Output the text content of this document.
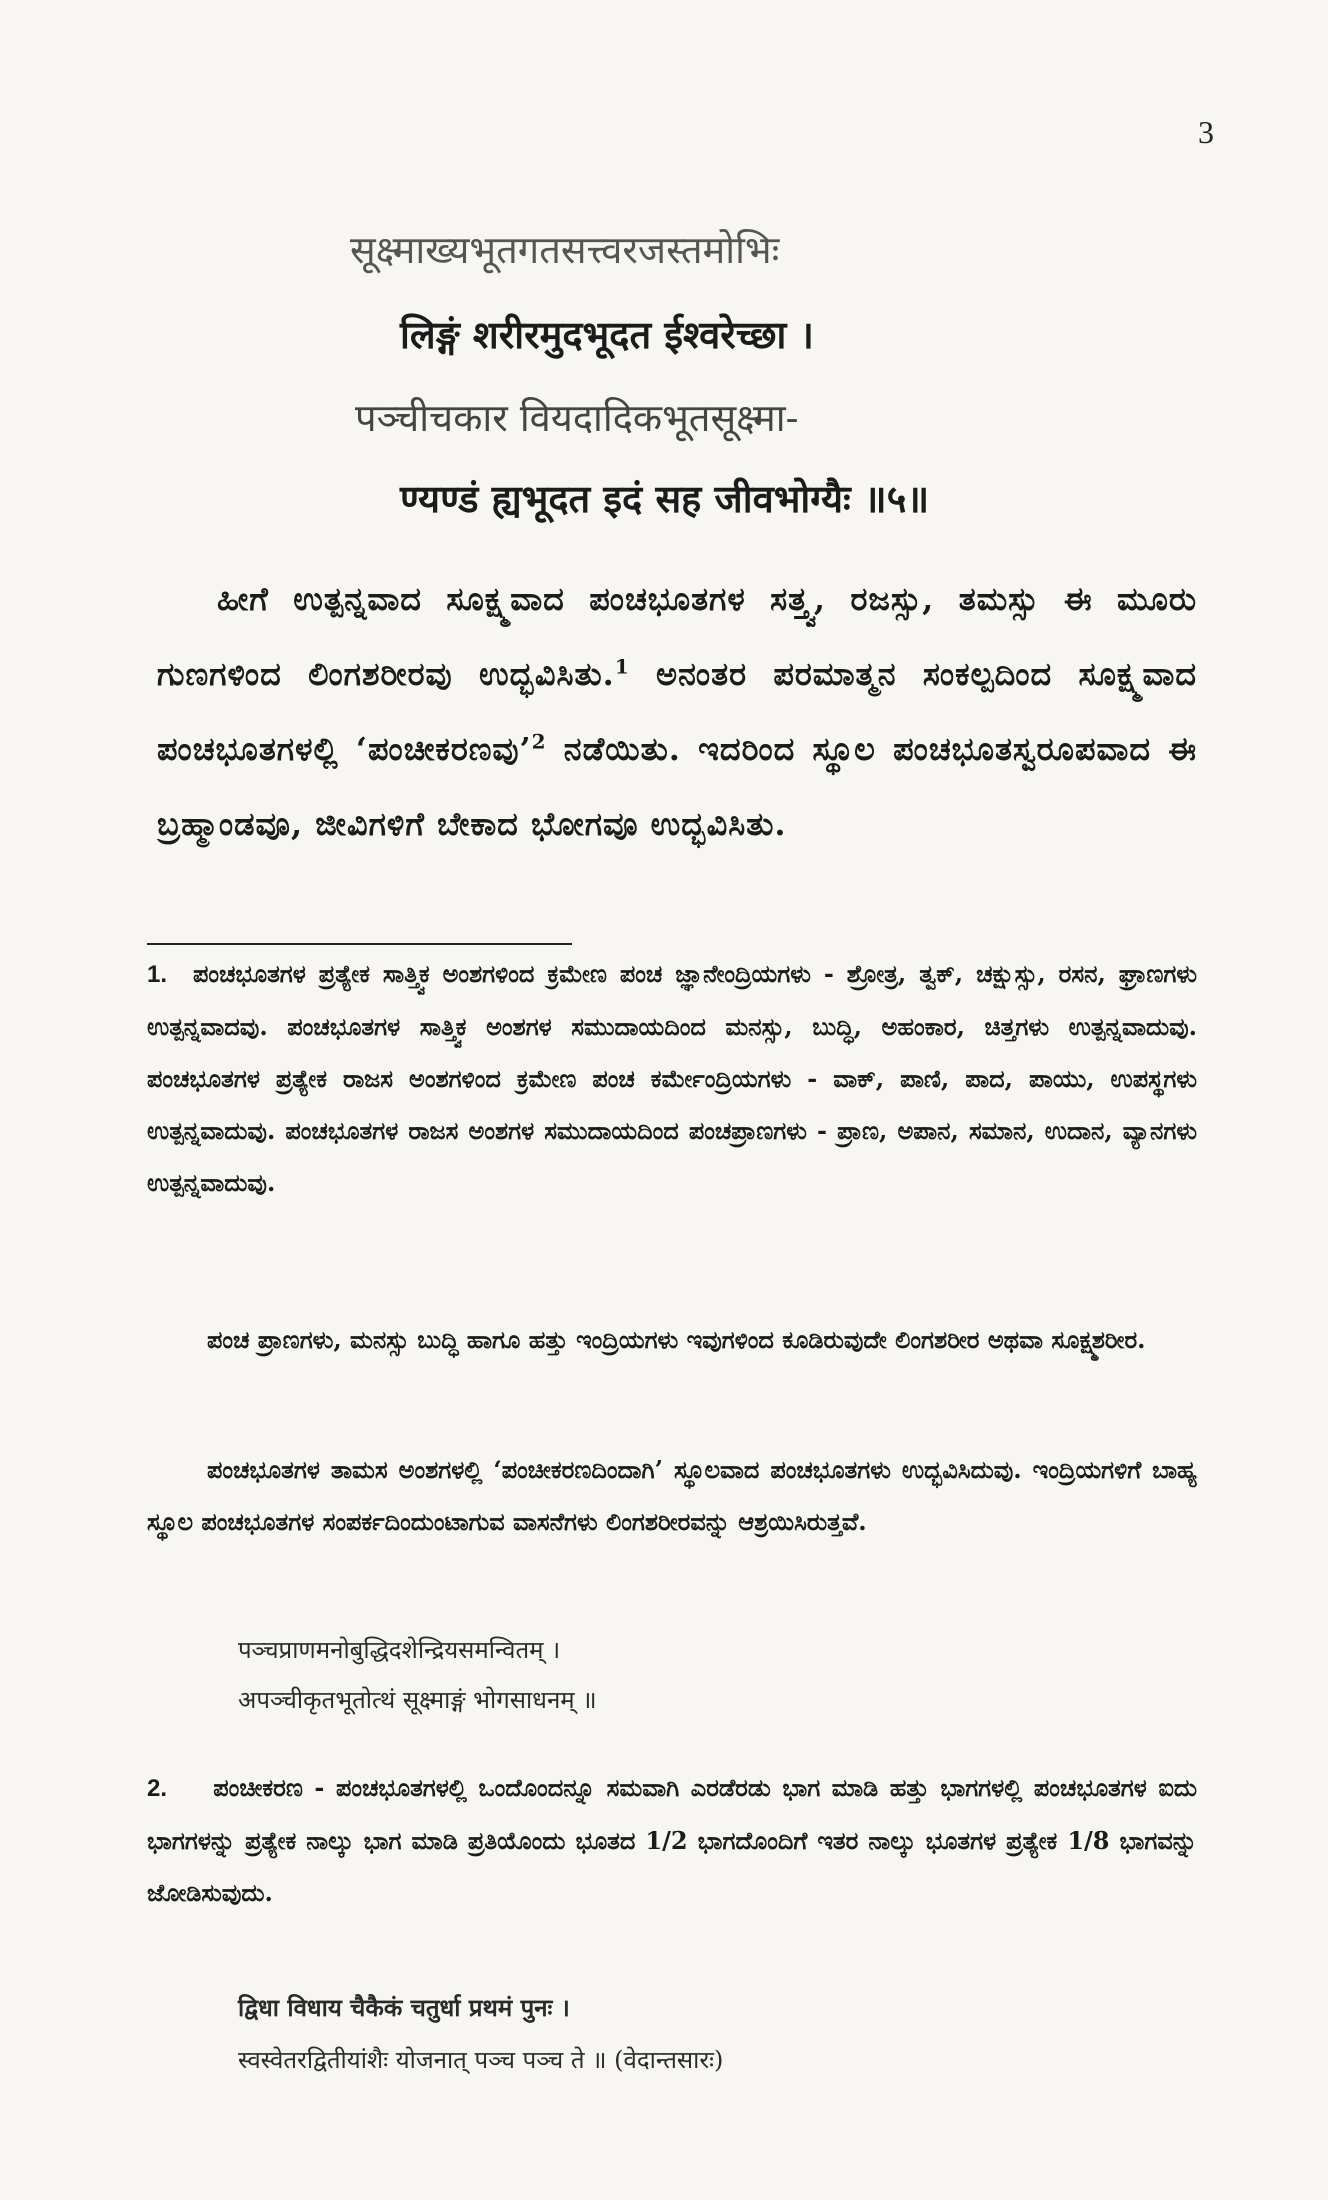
3
सूक्ष्माख्यभूतगतसत्त्वरजस्तमोभिः
लिङ्गं शरीरमुदभूदत ईश्वरेच्छा ।
पञ्चीचकार वियदादिकभूतसूक्ष्मा-
ण्यण्डं ह्यभूदत इदं सह जीवभोग्यैः ॥५॥
ಹೀಗೆ ಉತ್ಪನ್ನವಾದ ಸೂಕ್ಷ್ಮವಾದ ಪಂಚಭೂತಗಳ ಸತ್ತ್ವ, ರಜಸ್ಸು, ತಮಸ್ಸು ಈ ಮೂರು ಗುಣಗಳಿಂದ ಲಿಂಗಶರೀರವು ಉದ್ಭವಿಸಿತು.$^1$ ಅನಂತರ ಪರಮಾತ್ಮನ ಸಂಕಲ್ಪದಿಂದ ಸೂಕ್ಷ್ಮವಾದ ಪಂಚಭೂತಗಳಲ್ಲಿ ‘ಪಂಚೀಕರಣವು’$^2$ ನಡೆಯಿತು. ಇದರಿಂದ ಸ್ಥೂಲ ಪಂಚಭೂತಸ್ವರೂಪವಾದ ಈ ಬ್ರಹ್ಮಾಂಡವೂ, ಜೀವಿಗಳಿಗೆ ಬೇಕಾದ ಭೋಗವೂ ಉದ್ಭವಿಸಿತು.
1. ಪಂಚಭೂತಗಳ ಪ್ರತ್ಯೇಕ ಸಾತ್ತ್ವಿಕ ಅಂಶಗಳಿಂದ ಕ್ರಮೇಣ ಪಂಚ ಜ್ಞಾನೇಂದ್ರಿಯಗಳು - ಶ್ರೋತ್ರ, ತ್ವಕ್, ಚಕ್ಷುಸ್ಸು, ರಸನ, ಘ್ರಾಣಗಳು ಉತ್ಪನ್ನವಾದವು. ಪಂಚಭೂತಗಳ ಸಾತ್ತ್ವಿಕ ಅಂಶಗಳ ಸಮುದಾಯದಿಂದ ಮನಸ್ಸು, ಬುದ್ಧಿ, ಅಹಂಕಾರ, ಚಿತ್ತಗಳು ಉತ್ಪನ್ನವಾದುವು. ಪಂಚಭೂತಗಳ ಪ್ರತ್ಯೇಕ ರಾಜಸ ಅಂಶಗಳಿಂದ ಕ್ರಮೇಣ ಪಂಚ ಕರ್ಮೇಂದ್ರಿಯಗಳು - ವಾಕ್, ಪಾಣಿ, ಪಾದ, ಪಾಯು, ಉಪಸ್ಥಗಳು ಉತ್ಪನ್ನವಾದುವು. ಪಂಚಭೂತಗಳ ರಾಜಸ ಅಂಶಗಳ ಸಮುದಾಯದಿಂದ ಪಂಚಪ್ರಾಣಗಳು - ಪ್ರಾಣ, ಅಪಾನ, ಸಮಾನ, ಉದಾನ, ವ್ಯಾನಗಳು ಉತ್ಪನ್ನವಾದುವು.
ಪಂಚ ಪ್ರಾಣಗಳು, ಮನಸ್ಸು ಬುದ್ಧಿ ಹಾಗೂ ಹತ್ತು ಇಂದ್ರಿಯಗಳು ಇವುಗಳಿಂದ ಕೂಡಿರುವುದೇ ಲಿಂಗಶರೀರ ಅಥವಾ ಸೂಕ್ಷ್ಮಶರೀರ.
ಪಂಚಭೂತಗಳ ತಾಮಸ ಅಂಶಗಳಲ್ಲಿ ‘ಪಂಚೀಕರಣದಿಂದಾಗಿ’ ಸ್ಥೂಲವಾದ ಪಂಚಭೂತಗಳು ಉದ್ಭವಿಸಿದುವು. ಇಂದ್ರಿಯಗಳಿಗೆ ಬಾಹ್ಯ ಸ್ಥೂಲ ಪಂಚಭೂತಗಳ ಸಂಪರ್ಕದಿಂದುಂಟಾಗುವ ವಾಸನೆಗಳು ಲಿಂಗಶರೀರವನ್ನು ಆಶ್ರಯಿಸಿರುತ್ತವೆ.
पञ्चप्राणमनोबुद्धिदशेन्द्रियसमन्वितम् ।
अपञ्चीकृतभूतोत्थं सूक्ष्माङ्गं भोगसाधनम् ॥
2. ಪಂಚೀಕರಣ - ಪಂಚಭೂತಗಳಲ್ಲಿ ಒಂದೊಂದನ್ನೂ ಸಮವಾಗಿ ಎರಡೆರಡು ಭಾಗ ಮಾಡಿ ಹತ್ತು ಭಾಗಗಳಲ್ಲಿ ಪಂಚಭೂತಗಳ ಐದು ಭಾಗಗಳನ್ನು ಪ್ರತ್ಯೇಕ ನಾಲ್ಕು ಭಾಗ ಮಾಡಿ ಪ್ರತಿಯೊಂದು ಭೂತದ 1/2 ಭಾಗದೊಂದಿಗೆ ಇತರ ನಾಲ್ಕು ಭೂತಗಳ ಪ್ರತ್ಯೇಕ 1/8 ಭಾಗವನ್ನು ಜೋಡಿಸುವುದು.
द्विधा विधाय चैकैकं चतुर्धा प्रथमं पुनः ।
स्वस्वेतरद्वितीयांशैः योजनात् पञ्च पञ्च ते ॥ (वेदान्तसारः)
